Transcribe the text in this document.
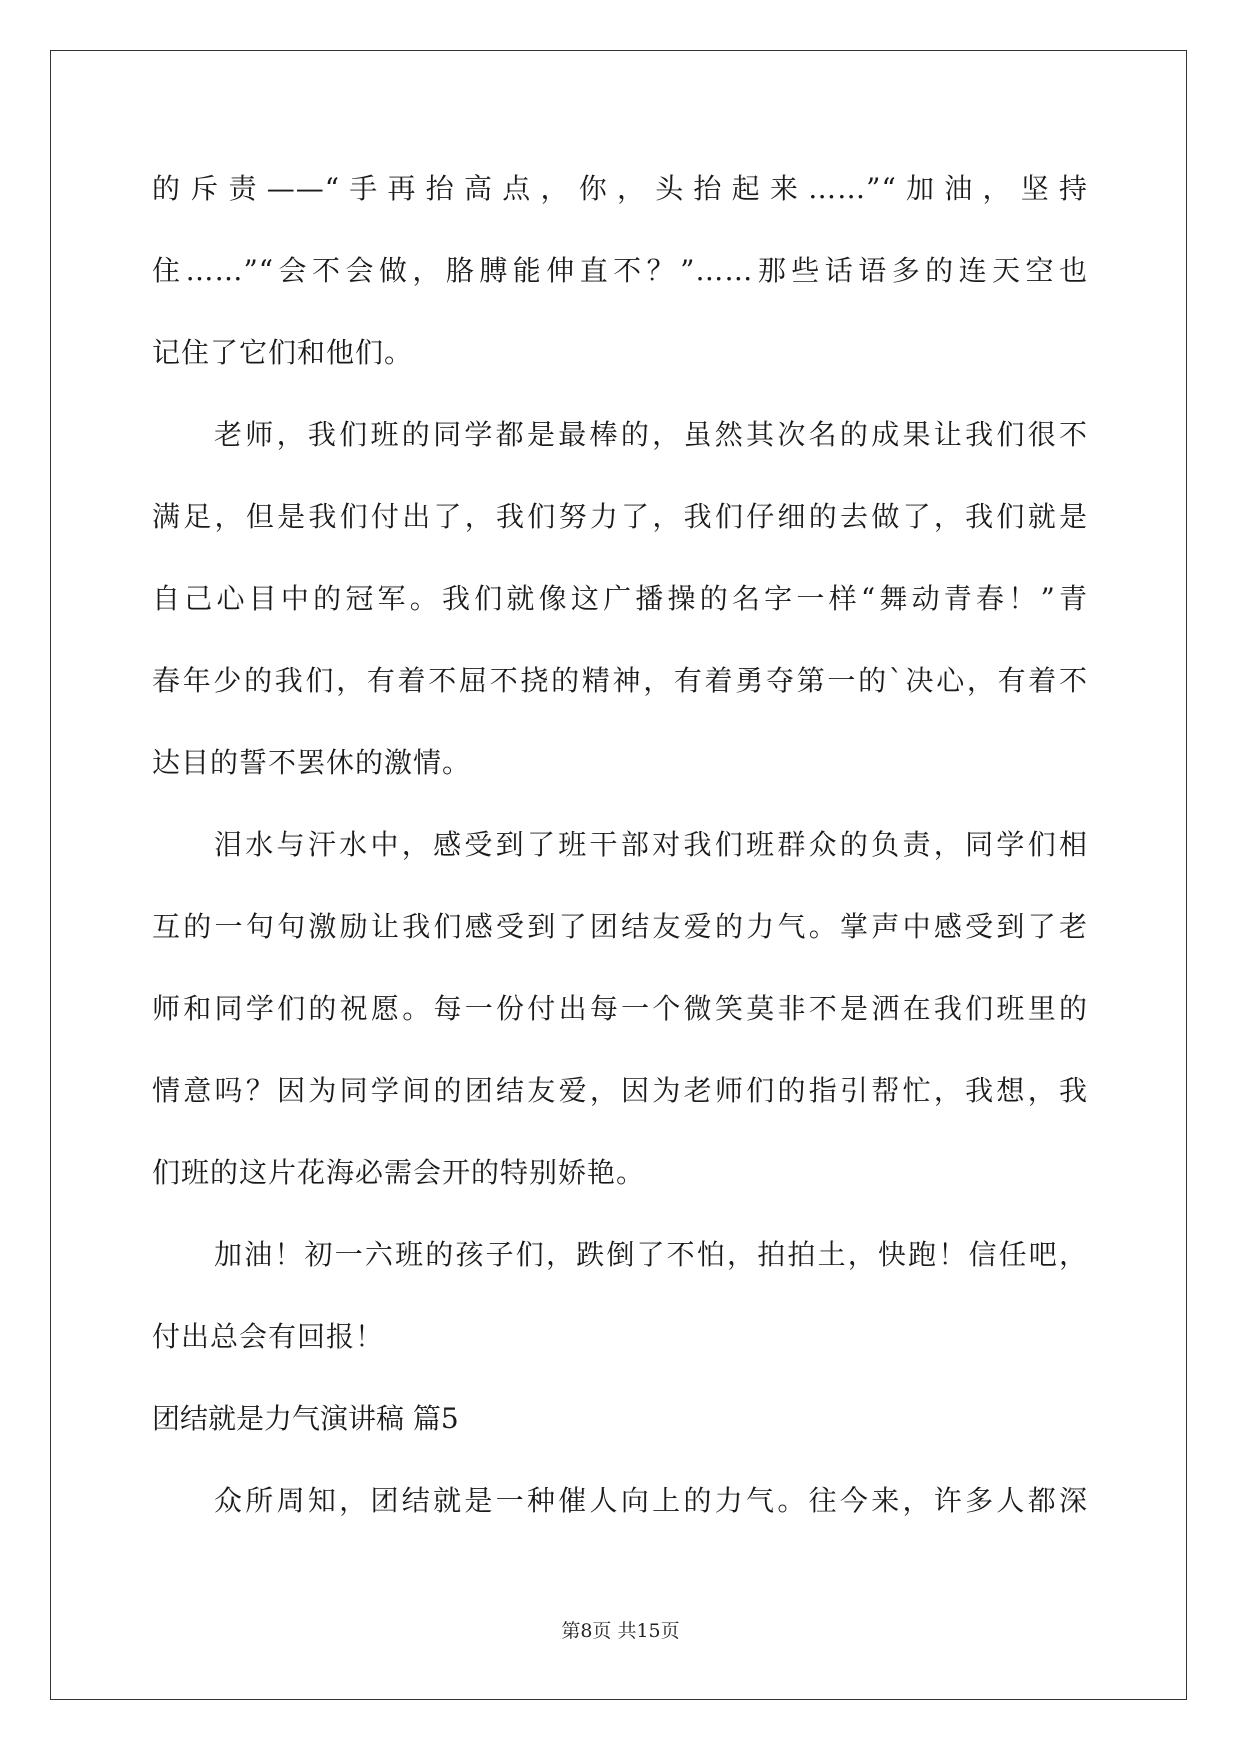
的斥责——“手再抬高点，你，头抬起来……”“加油，坚持

住……”“会不会做，胳膊能伸直不？”……那些话语多的连天空也

记住了它们和他们。

老师，我们班的同学都是最棒的，虽然其次名的成果让我们很不

满足，但是我们付出了，我们努力了，我们仔细的去做了，我们就是

自己心目中的冠军。我们就像这广播操的名字一样“舞动青春！”青

春年少的我们，有着不屈不挠的精神，有着勇夺第一的`决心，有着不

达目的誓不罢休的激情。

泪水与汗水中，感受到了班干部对我们班群众的负责，同学们相

互的一句句激励让我们感受到了团结友爱的力气。掌声中感受到了老

师和同学们的祝愿。每一份付出每一个微笑莫非不是洒在我们班里的

情意吗？因为同学间的团结友爱，因为老师们的指引帮忙，我想，我

们班的这片花海必需会开的特别娇艳。

加油！初一六班的孩子们，跌倒了不怕，拍拍土，快跑！信任吧，

付出总会有回报！

团结就是力气演讲稿 篇5

众所周知，团结就是一种催人向上的力气。往今来，许多人都深

第8页 共15页
